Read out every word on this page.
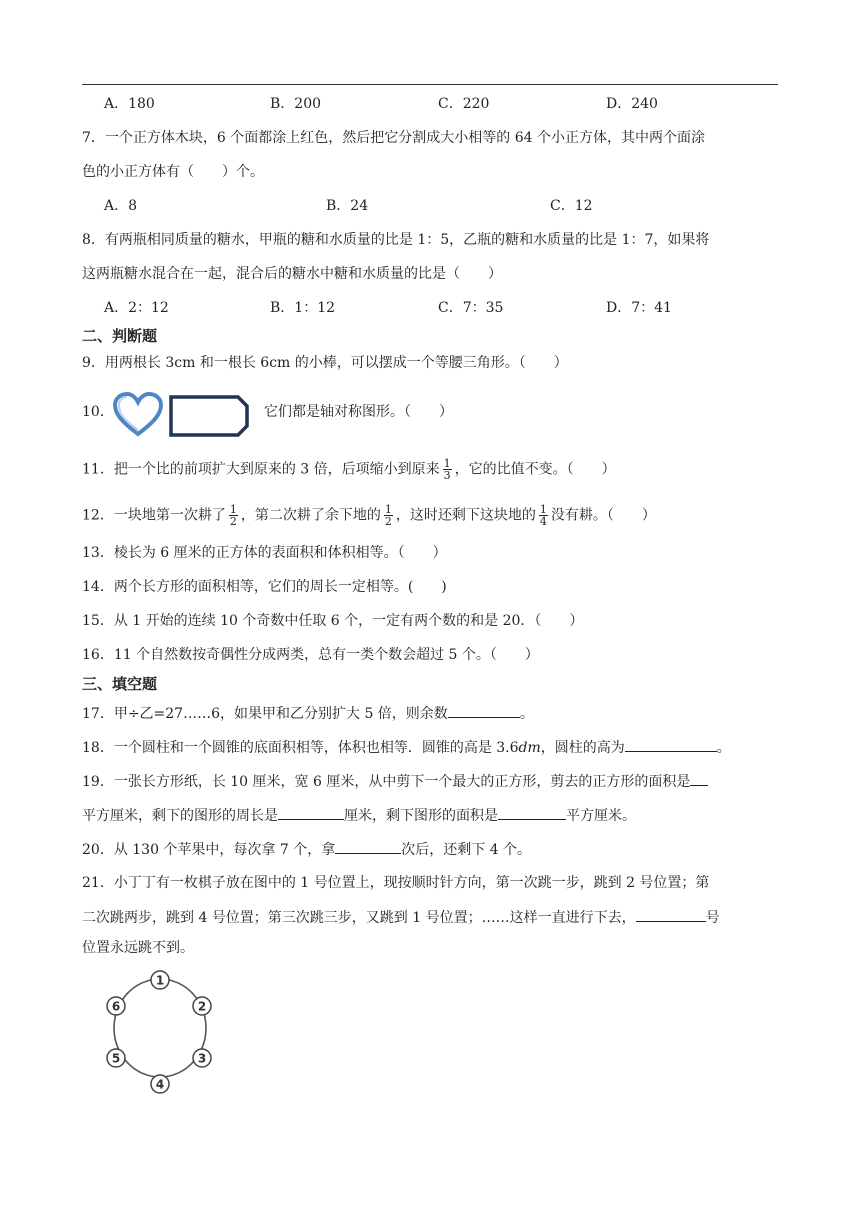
A．180	B．200	C．220	D．240
7．一个正方体木块，6 个面都涂上红色，然后把它分割成大小相等的 64 个小正方体，其中两个面涂
色的小正方体有（　　）个。
A．8	B．24	C．12
8．有两瓶相同质量的糖水，甲瓶的糖和水质量的比是 1：5，乙瓶的糖和水质量的比是 1：7，如果将
这两瓶糖水混合在一起，混合后的糖水中糖和水质量的比是（　　）
A．2：12	B．1：12	C．7：35	D．7：41
二、判断题
9．用两根长 3cm 和一根长 6cm 的小棒，可以摆成一个等腰三角形。（　　）
10．	它们都是轴对称图形。（　　）
11．把一个比的前项扩大到原来的 3 倍，后项缩小到原来 $\frac{1}{3}$ ，它的比值不变。（　　）
12．一块地第一次耕了 $\frac{1}{2}$ ，第二次耕了余下地的 $\frac{1}{2}$ ，这时还剩下这块地的 $\frac{1}{4}$ 没有耕。（　　）
13．棱长为 6 厘米的正方体的表面积和体积相等。（　　）
14．两个长方形的面积相等，它们的周长一定相等。(　　)
15．从 1 开始的连续 10 个奇数中任取 6 个，一定有两个数的和是 20．（　　）
16．11 个自然数按奇偶性分成两类，总有一类个数会超过 5 个。（　　）
三、填空题
17．甲÷乙=27……6，如果甲和乙分别扩大 5 倍，则余数	。
18．一个圆柱和一个圆锥的底面积相等，体积也相等．圆锥的高是 3.6dm，圆柱的高为	。
19．一张长方形纸，长 10 厘米，宽 6 厘米，从中剪下一个最大的正方形，剪去的正方形的面积是
平方厘米，剩下的图形的周长是	厘米，剩下图形的面积是	平方厘米。
20．从 130 个苹果中，每次拿 7 个，拿	次后，还剩下 4 个。
21．小丁丁有一枚棋子放在图中的 1 号位置上，现按顺时针方向，第一次跳一步，跳到 2 号位置；第
二次跳两步，跳到 4 号位置；第三次跳三步，又跳到 1 号位置；……这样一直进行下去，	号
位置永远跳不到。
1
2
3
4
5
6
